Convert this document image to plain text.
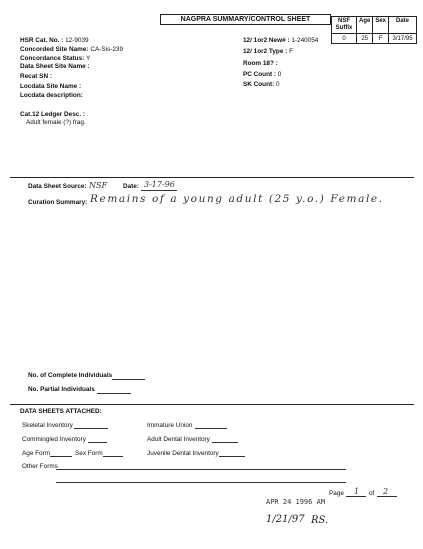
NAGPRA SUMMARY/CONTROL SHEET	NSF Suffix	Age	Sex	Date
0	25	F	3/17/95
HSR Cat. No. : 12-9039
Concorded Site Name: CA-Sis-239
Concordance Status: Y
Data Sheet Site Name :
Recat SN :
Locdata Site Name :
Locdata description:
12/ 1or2 New# : 1-240054
12/ 1or2 Type : F
Room 18? :
PC Count : 0
SK Count: 0
Cat.12 Ledger Desc. :
Adult female (?) frag.
Data Sheet Source: NSF Date: 3-17-96
Curation Summary: Remains of a young adult (25 y.o.) Female.
No. of Complete Individuals
No. Partial Individuals
DATA SHEETS ATTACHED:
Skeletal Inventory	Immature Union
Commingled Inventory	Adult Dental Inventory
Age Form	Sex Form	Juvenile Dental Inventory
Other Forms
Page 1 of 2
APR 24 1996 AM
1/21/97 RS.
